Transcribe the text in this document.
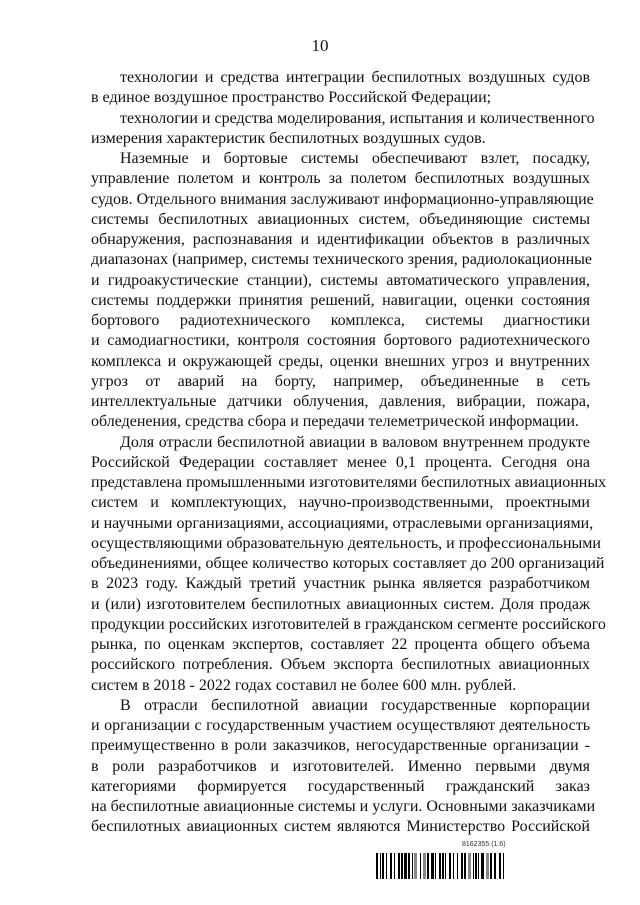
10
технологии и средства интеграции беспилотных воздушных судов
в единое воздушное пространство Российской Федерации;
технологии и средства моделирования, испытания и количественного
измерения характеристик беспилотных воздушных судов.
Наземные и бортовые системы обеспечивают взлет, посадку,
управление полетом и контроль за полетом беспилотных воздушных
судов. Отдельного внимания заслуживают информационно-управляющие
системы беспилотных авиационных систем, объединяющие системы
обнаружения, распознавания и идентификации объектов в различных
диапазонах (например, системы технического зрения, радиолокационные
и гидроакустические станции), системы автоматического управления,
системы поддержки принятия решений, навигации, оценки состояния
бортового радиотехнического комплекса, системы диагностики
и самодиагностики, контроля состояния бортового радиотехнического
комплекса и окружающей среды, оценки внешних угроз и внутренних
угроз от аварий на борту, например, объединенные в сеть
интеллектуальные датчики облучения, давления, вибрации, пожара,
обледенения, средства сбора и передачи телеметрической информации.
Доля отрасли беспилотной авиации в валовом внутреннем продукте
Российской Федерации составляет менее 0,1 процента. Сегодня она
представлена промышленными изготовителями беспилотных авиационных
систем и комплектующих, научно-производственными, проектными
и научными организациями, ассоциациями, отраслевыми организациями,
осуществляющими образовательную деятельность, и профессиональными
объединениями, общее количество которых составляет до 200 организаций
в 2023 году. Каждый третий участник рынка является разработчиком
и (или) изготовителем беспилотных авиационных систем. Доля продаж
продукции российских изготовителей в гражданском сегменте российского
рынка, по оценкам экспертов, составляет 22 процента общего объема
российского потребления. Объем экспорта беспилотных авиационных
систем в 2018 - 2022 годах составил не более 600 млн. рублей.
В отрасли беспилотной авиации государственные корпорации
и организации с государственным участием осуществляют деятельность
преимущественно в роли заказчиков, негосударственные организации -
в роли разработчиков и изготовителей. Именно первыми двумя
категориями формируется государственный гражданский заказ
на беспилотные авиационные системы и услуги. Основными заказчиками
беспилотных авиационных систем являются Министерство Российской
8162355 (1.6)
